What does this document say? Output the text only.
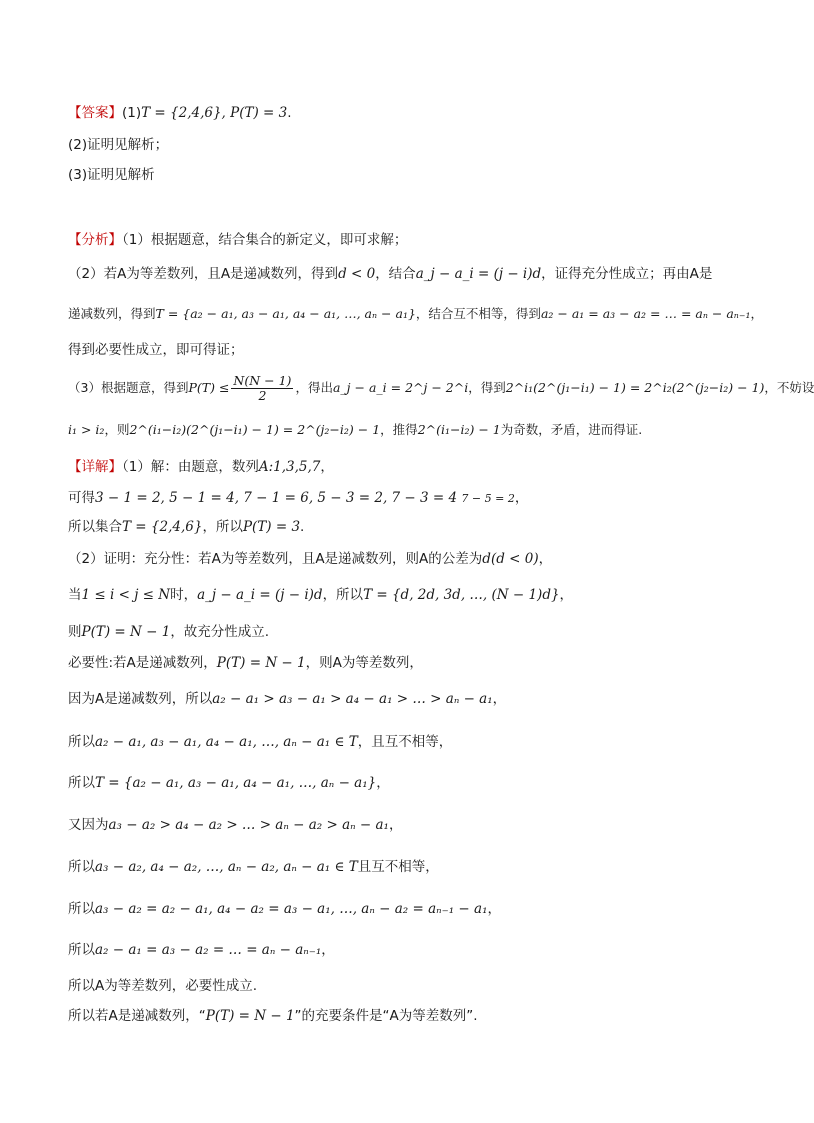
【答案】(1)T = {2,4,6}, P(T) = 3.
(2)证明见解析；
(3)证明见解析
【分析】（1）根据题意，结合集合的新定义，即可求解；
（2）若A为等差数列，且A是递减数列，得到d < 0，结合a_j − a_i = (j − i)d，证得充分性成立；再由A是
递减数列，得到T = {a₂ − a₁, a₃ − a₁, a₄ − a₁, …, aₙ − a₁}，结合互不相等，得到a₂ − a₁ = a₃ − a₂ = … = aₙ − aₙ₋₁，
得到必要性成立，即可得证；
（3）根据题意，得到$P(T) \le \frac{N(N - 1)}{2}$ ，得出a_j − a_i = 2^j − 2^i，得到2^i₁(2^(j₁−i₁) − 1) = 2^i₂(2^(j₂−i₂) − 1)，不妨设
i₁ > i₂，则2^(i₁−i₂)(2^(j₁−i₁) − 1) = 2^(j₂−i₂) − 1，推得2^(i₁−i₂) − 1为奇数，矛盾，进而得证.
【详解】（1）解：由题意，数列A:1,3,5,7，
可得3 − 1 = 2, 5 − 1 = 4, 7 − 1 = 6, 5 − 3 = 2, 7 − 3 = 4 7 − 5 = 2，
所以集合T = {2,4,6}，所以P(T) = 3.
（2）证明：充分性：若A为等差数列，且A是递减数列，则A的公差为d(d < 0)，
当1 ≤ i < j ≤ N时，a_j − a_i = (j − i)d，所以T = {d, 2d, 3d, …, (N − 1)d}，
则P(T) = N − 1，故充分性成立.
必要性:若A是递减数列，P(T) = N − 1，则A为等差数列，
因为A是递减数列，所以a₂ − a₁ > a₃ − a₁ > a₄ − a₁ > … > aₙ − a₁，
所以a₂ − a₁, a₃ − a₁, a₄ − a₁, …, aₙ − a₁ ∈ T，且互不相等，
所以T = {a₂ − a₁, a₃ − a₁, a₄ − a₁, …, aₙ − a₁}，
又因为a₃ − a₂ > a₄ − a₂ > … > aₙ − a₂ > aₙ − a₁，
所以a₃ − a₂, a₄ − a₂, …, aₙ − a₂, aₙ − a₁ ∈ T且互不相等，
所以a₃ − a₂ = a₂ − a₁, a₄ − a₂ = a₃ − a₁, …, aₙ − a₂ = aₙ₋₁ − a₁，
所以a₂ − a₁ = a₃ − a₂ = … = aₙ − aₙ₋₁，
所以A为等差数列，必要性成立.
所以若A是递减数列，“P(T) = N − 1”的充要条件是“A为等差数列”.
